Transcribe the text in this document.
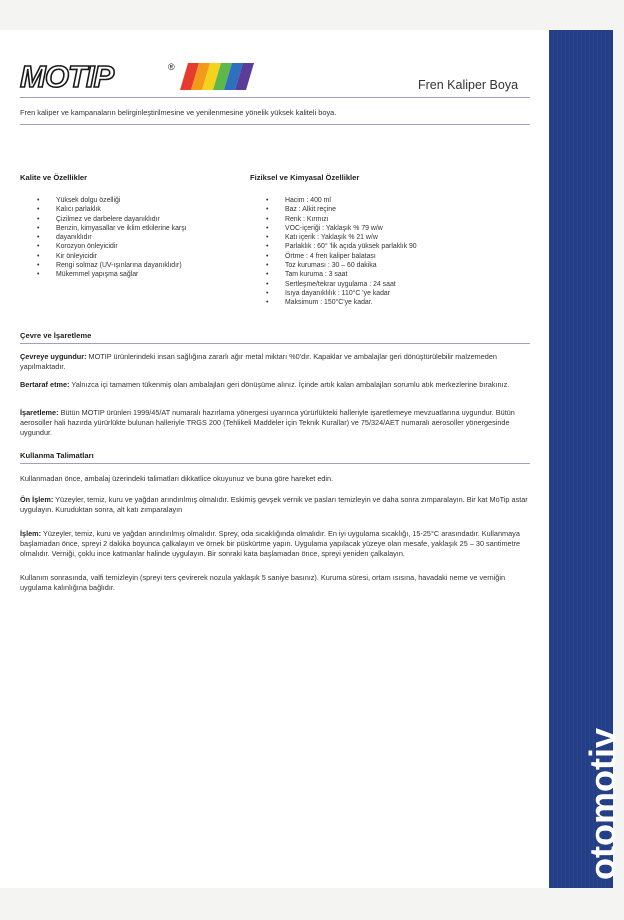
otomotiv
MOTIP	®
Fren Kaliper Boya
Fren kaliper ve kampanaların belirginleştirilmesine ve yenilenmesine yönelik yüksek kaliteli boya.
Kalite ve Özellikler
• Yüksek dolgu özelliği
• Kalıcı parlaklık
• Çizilmez ve darbelere dayanıklıdır
• Benzin, kimyasallar ve iklim etkilerine karşı
• dayanıklıdır
• Korozyon önleyicidir
• Kir önleyicidir
• Rengi solmaz (UV-ışınlarına dayanıklıdır)
• Mükemmel yapışma sağlar
Fiziksel ve Kimyasal Özellikler
• Hacim : 400 ml
• Baz : Alkit reçine
• Renk : Kırmızı
• VOC-içeriği : Yaklaşık % 79 w/w
• Katı içerik : Yaklaşık % 21 w/w
• Parlaklık : 60° 'lik açıda yüksek parlaklık 90
• Örtme : 4 fren kaliper balatası
• Toz kuruması : 30 – 60 dakika
• Tam kuruma : 3 saat
• Sertleşme/tekrar uygulama : 24 saat
• Isıya dayanıklılık : 110°C 'ye kadar
• Maksimum : 150°C'ye kadar.
Çevre ve İşaretleme
Çevreye uygundur: MOTIP ürünlerindeki insan sağlığına zararlı ağır metal miktarı %0'dır. Kapaklar ve ambalajlar geri dönüştürülebilir malzemeden yapılmaktadır.
Bertaraf etme: Yalnızca içi tamamen tükenmiş olan ambalajları geri dönüşüme alınız. İçinde artık kalan ambalajları sorumlu atık merkezlerine bırakınız.
İşaretleme: Bütün MOTIP ürünleri 1999/45/AT numaralı hazırlama yönergesi uyarınca yürürlükteki halleriyle işaretlemeye mevzuatlarına uygundur. Bütün aerosoller hali hazırda yürürlükte bulunan halleriyle TRGS 200 (Tehlikeli Maddeler için Teknik Kurallar) ve 75/324/AET numaralı aerosoller yönergesinde uygundur.
Kullanma Talimatları
Kullanmadan önce, ambalaj üzerindeki talimatları dikkatlice okuyunuz ve buna göre hareket edin.
Ön İşlem: Yüzeyler, temiz, kuru ve yağdan arındırılmış olmalıdır. Eskimiş gevşek vernik ve pasları temizleyin ve daha sonra zımparalayın. Bir kat MoTip astar uygulayın. Kuruduktan sonra, alt katı zımparalayın
İşlem: Yüzeyler, temiz, kuru ve yağdan arındırılmış olmalıdır. Sprey, oda sıcaklığında olmalıdır. En iyi uygulama sıcaklığı, 15-25°C arasındadır. Kullanmaya başlamadan önce, spreyi 2 dakika boyunca çalkalayın ve örnek bir püskürtme yapın. Uygulama yapılacak yüzeye olan mesafe, yaklaşık 25 – 30 santimetre olmalıdır. Verniği, çoklu ince katmanlar halinde uygulayın. Bir sonraki kata başlamadan önce, spreyi yeniden çalkalayın.
Kullanım sonrasında, valfi temizleyin (spreyi ters çevirerek nozula yaklaşık 5 saniye basınız). Kuruma süresi, ortam ısısına, havadaki neme ve verniğin uygulama kalınlığına bağlıdır.
